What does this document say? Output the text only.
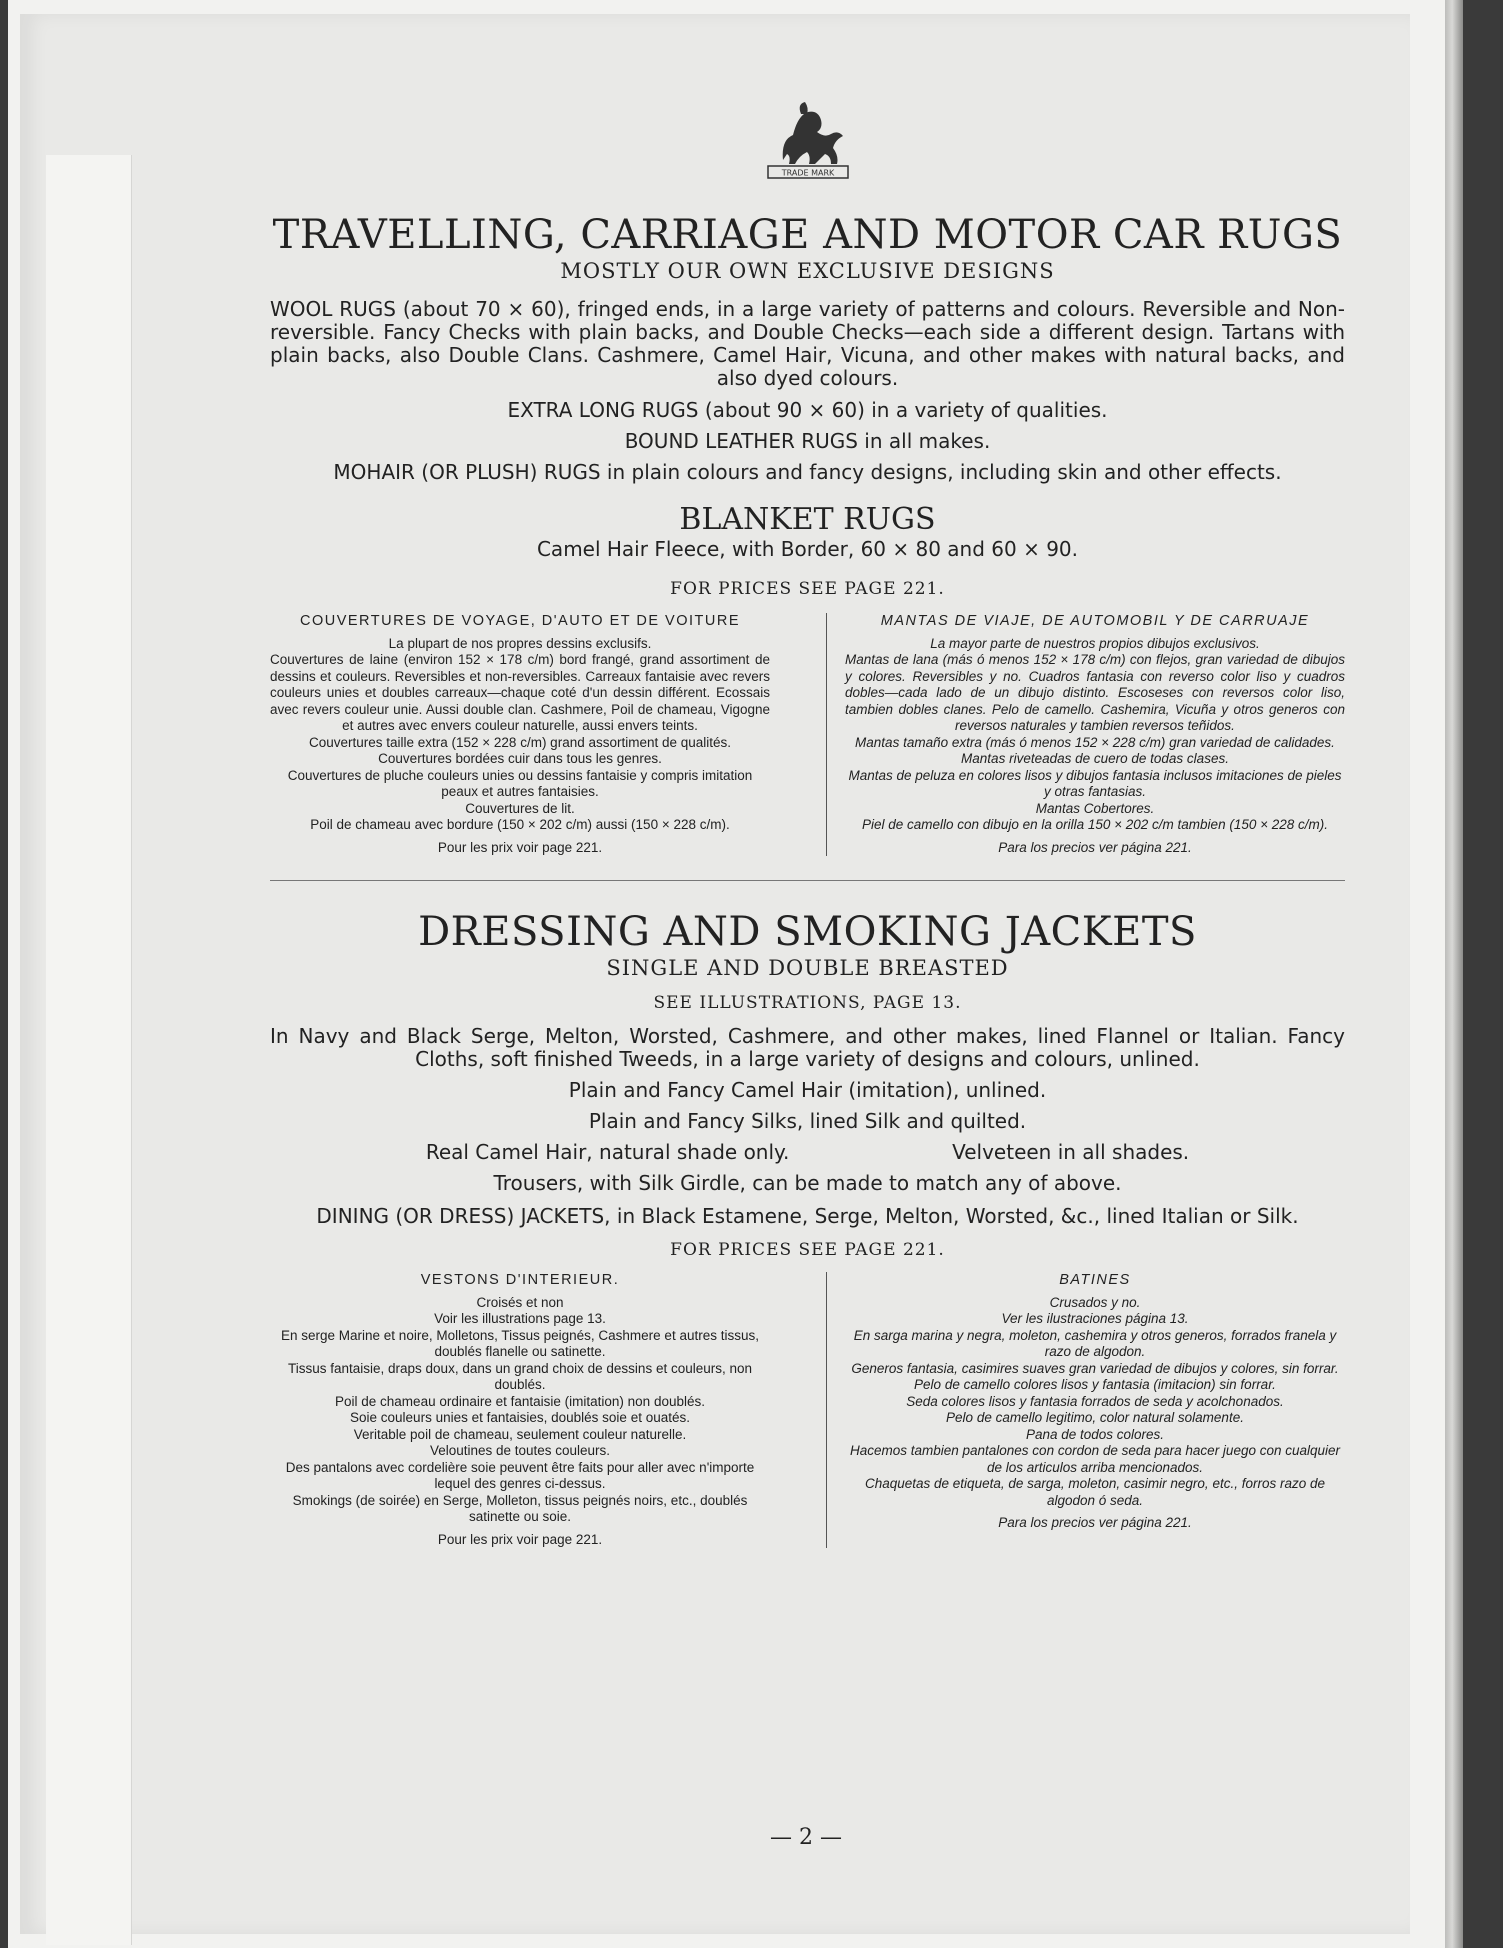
TRADE MARK
TRAVELLING, CARRIAGE AND MOTOR CAR RUGS

MOSTLY OUR OWN EXCLUSIVE DESIGNS

WOOL RUGS (about 70 × 60), fringed ends, in a large variety of patterns and colours. Reversible and Non-reversible. Fancy Checks with plain backs, and Double Checks—each side a different design. Tartans with plain backs, also Double Clans. Cashmere, Camel Hair, Vicuna, and other makes with natural backs, and also dyed colours.

EXTRA LONG RUGS (about 90 × 60) in a variety of qualities.

BOUND LEATHER RUGS in all makes.

MOHAIR (OR PLUSH) RUGS in plain colours and fancy designs, including skin and other effects.

BLANKET RUGS

Camel Hair Fleece, with Border, 60 × 80 and 60 × 90.

FOR PRICES SEE PAGE 221.

COUVERTURES DE VOYAGE, D'AUTO ET DE VOITURE

La plupart de nos propres dessins exclusifs.

Couvertures de laine (environ 152 × 178 c/m) bord frangé, grand assortiment de dessins et couleurs. Reversibles et non-reversibles. Carreaux fantaisie avec revers couleurs unies et doubles carreaux—chaque coté d'un dessin différent. Ecossais avec revers couleur unie. Aussi double clan. Cashmere, Poil de chameau, Vigogne et autres avec envers couleur naturelle, aussi envers teints.

Couvertures taille extra (152 × 228 c/m) grand assortiment de qualités.

Couvertures bordées cuir dans tous les genres.

Couvertures de pluche couleurs unies ou dessins fantaisie y compris imitation peaux et autres fantaisies.

Couvertures de lit.

Poil de chameau avec bordure (150 × 202 c/m) aussi (150 × 228 c/m).

Pour les prix voir page 221.

MANTAS DE VIAJE, DE AUTOMOBIL Y DE CARRUAJE

La mayor parte de nuestros propios dibujos exclusivos.

Mantas de lana (más ó menos 152 × 178 c/m) con flejos, gran variedad de dibujos y colores. Reversibles y no. Cuadros fantasia con reverso color liso y cuadros dobles—cada lado de un dibujo distinto. Escoseses con reversos color liso, tambien dobles clanes. Pelo de camello. Cashemira, Vicuña y otros generos con reversos naturales y tambien reversos teñidos.

Mantas tamaño extra (más ó menos 152 × 228 c/m) gran variedad de calidades.

Mantas riveteadas de cuero de todas clases.

Mantas de peluza en colores lisos y dibujos fantasia inclusos imitaciones de pieles y otras fantasias.

Mantas Cobertores.

Piel de camello con dibujo en la orilla 150 × 202 c/m tambien (150 × 228 c/m).

Para los precios ver página 221.

DRESSING AND SMOKING JACKETS

SINGLE AND DOUBLE BREASTED

SEE ILLUSTRATIONS, PAGE 13.

In Navy and Black Serge, Melton, Worsted, Cashmere, and other makes, lined Flannel or Italian. Fancy Cloths, soft finished Tweeds, in a large variety of designs and colours, unlined.

Plain and Fancy Camel Hair (imitation), unlined.

Plain and Fancy Silks, lined Silk and quilted.

Real Camel Hair, natural shade only.	Velveteen in all shades.

Trousers, with Silk Girdle, can be made to match any of above.

DINING (OR DRESS) JACKETS, in Black Estamene, Serge, Melton, Worsted, &c., lined Italian or Silk.

FOR PRICES SEE PAGE 221.

VESTONS D'INTERIEUR.

Croisés et non

Voir les illustrations page 13.

En serge Marine et noire, Molletons, Tissus peignés, Cashmere et autres tissus, doublés flanelle ou satinette.

Tissus fantaisie, draps doux, dans un grand choix de dessins et couleurs, non doublés.

Poil de chameau ordinaire et fantaisie (imitation) non doublés.

Soie couleurs unies et fantaisies, doublés soie et ouatés.

Veritable poil de chameau, seulement couleur naturelle.

Veloutines de toutes couleurs.

Des pantalons avec cordelière soie peuvent être faits pour aller avec n'importe lequel des genres ci-dessus.

Smokings (de soirée) en Serge, Molleton, tissus peignés noirs, etc., doublés satinette ou soie.

Pour les prix voir page 221.

BATINES

Crusados y no.

Ver les ilustraciones página 13.

En sarga marina y negra, moleton, cashemira y otros generos, forrados franela y razo de algodon.

Generos fantasia, casimires suaves gran variedad de dibujos y colores, sin forrar.

Pelo de camello colores lisos y fantasia (imitacion) sin forrar.

Seda colores lisos y fantasia forrados de seda y acolchonados.

Pelo de camello legitimo, color natural solamente.

Pana de todos colores.

Hacemos tambien pantalones con cordon de seda para hacer juego con cualquier de los articulos arriba mencionados.

Chaquetas de etiqueta, de sarga, moleton, casimir negro, etc., forros razo de algodon ó seda.

Para los precios ver página 221.

— 2 —
